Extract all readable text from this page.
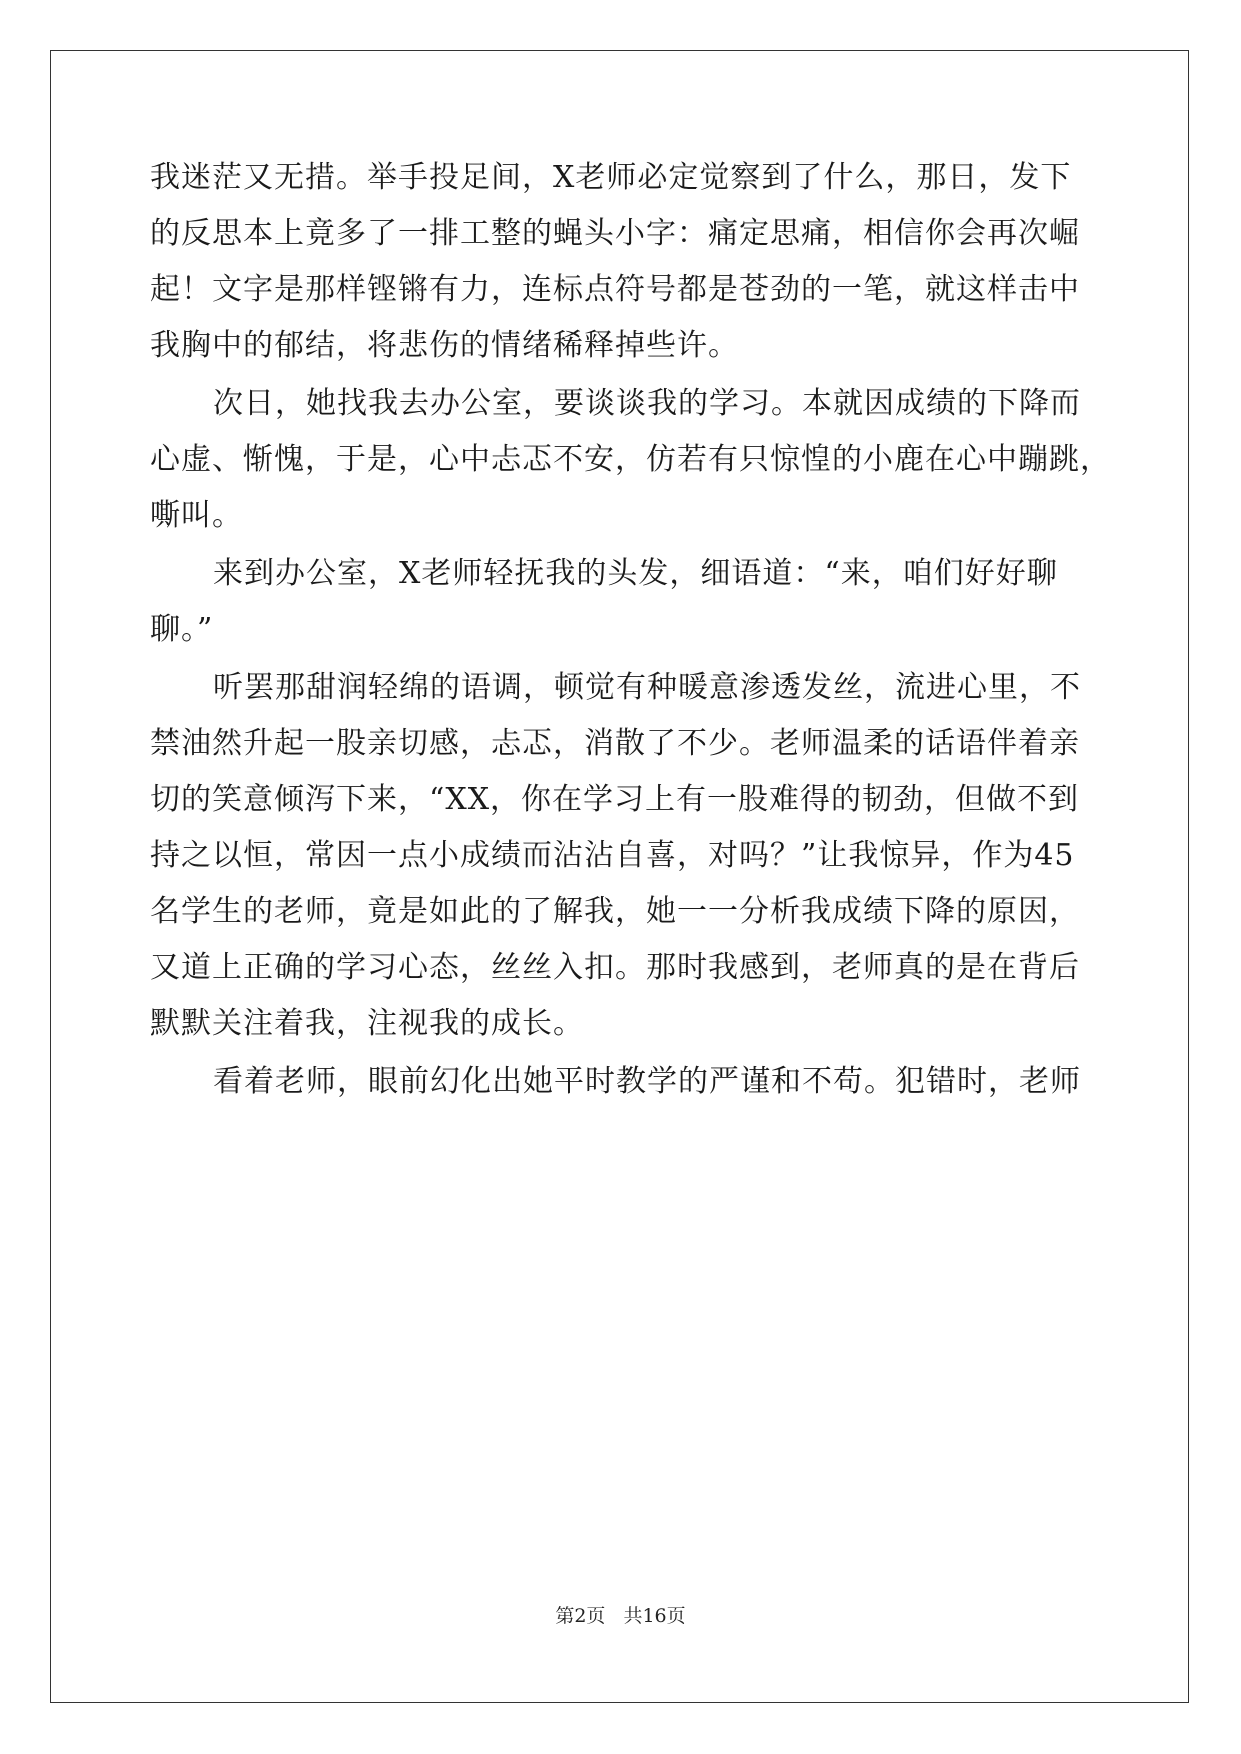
我迷茫又无措。举手投足间，X老师必定觉察到了什么，那日，发下
的反思本上竟多了一排工整的蝇头小字：痛定思痛，相信你会再次崛
起！文字是那样铿锵有力，连标点符号都是苍劲的一笔，就这样击中
我胸中的郁结，将悲伤的情绪稀释掉些许。
次日，她找我去办公室，要谈谈我的学习。本就因成绩的下降而
心虚、惭愧，于是，心中忐忑不安，仿若有只惊惶的小鹿在心中蹦跳，
嘶叫。
来到办公室，X老师轻抚我的头发，细语道：“来，咱们好好聊
聊。”
听罢那甜润轻绵的语调，顿觉有种暖意渗透发丝，流进心里，不
禁油然升起一股亲切感，忐忑，消散了不少。老师温柔的话语伴着亲
切的笑意倾泻下来，“XX，你在学习上有一股难得的韧劲，但做不到
持之以恒，常因一点小成绩而沾沾自喜，对吗？”让我惊异，作为45
名学生的老师，竟是如此的了解我，她一一分析我成绩下降的原因，
又道上正确的学习心态，丝丝入扣。那时我感到，老师真的是在背后
默默关注着我，注视我的成长。
看着老师，眼前幻化出她平时教学的严谨和不苟。犯错时，老师
第2页 共16页
